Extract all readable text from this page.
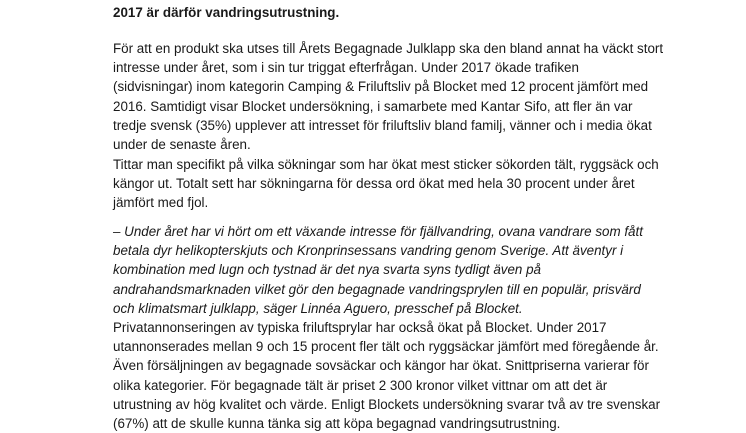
2017 är därför vandringsutrustning.

För att en produkt ska utses till Årets Begagnade Julklapp ska den bland annat ha väckt stort
intresse under året, som i sin tur triggat efterfrågan. Under 2017 ökade trafiken
(sidvisningar) inom kategorin Camping & Friluftsliv på Blocket med 12 procent jämfört med
2016. Samtidigt visar Blocket undersökning, i samarbete med Kantar Sifo, att fler än var
tredje svensk (35%) upplever att intresset för friluftsliv bland familj, vänner och i media ökat
under de senaste åren.

Tittar man specifikt på vilka sökningar som har ökat mest sticker sökorden tält, ryggsäck och
kängor ut. Totalt sett har sökningarna för dessa ord ökat med hela 30 procent under året
jämfört med fjol.

– Under året har vi hört om ett växande intresse för fjällvandring, ovana vandrare som fått
betala dyr helikopterskjuts och Kronprinsessans vandring genom Sverige. Att äventyr i
kombination med lugn och tystnad är det nya svarta syns tydligt även på
andrahandsmarknaden vilket gör den begagnade vandringsprylen till en populär, prisvärd
och klimatsmart julklapp, säger Linnéa Aguero, presschef på Blocket.

Privatannonseringen av typiska friluftsprylar har också ökat på Blocket. Under 2017
utannonserades mellan 9 och 15 procent fler tält och ryggsäckar jämfört med föregående år.
Även försäljningen av begagnade sovsäckar och kängor har ökat. Snittpriserna varierar för
olika kategorier. För begagnade tält är priset 2 300 kronor vilket vittnar om att det är
utrustning av hög kvalitet och värde. Enligt Blockets undersökning svarar två av tre svenskar
(67%) att de skulle kunna tänka sig att köpa begagnad vandringsutrustning.
